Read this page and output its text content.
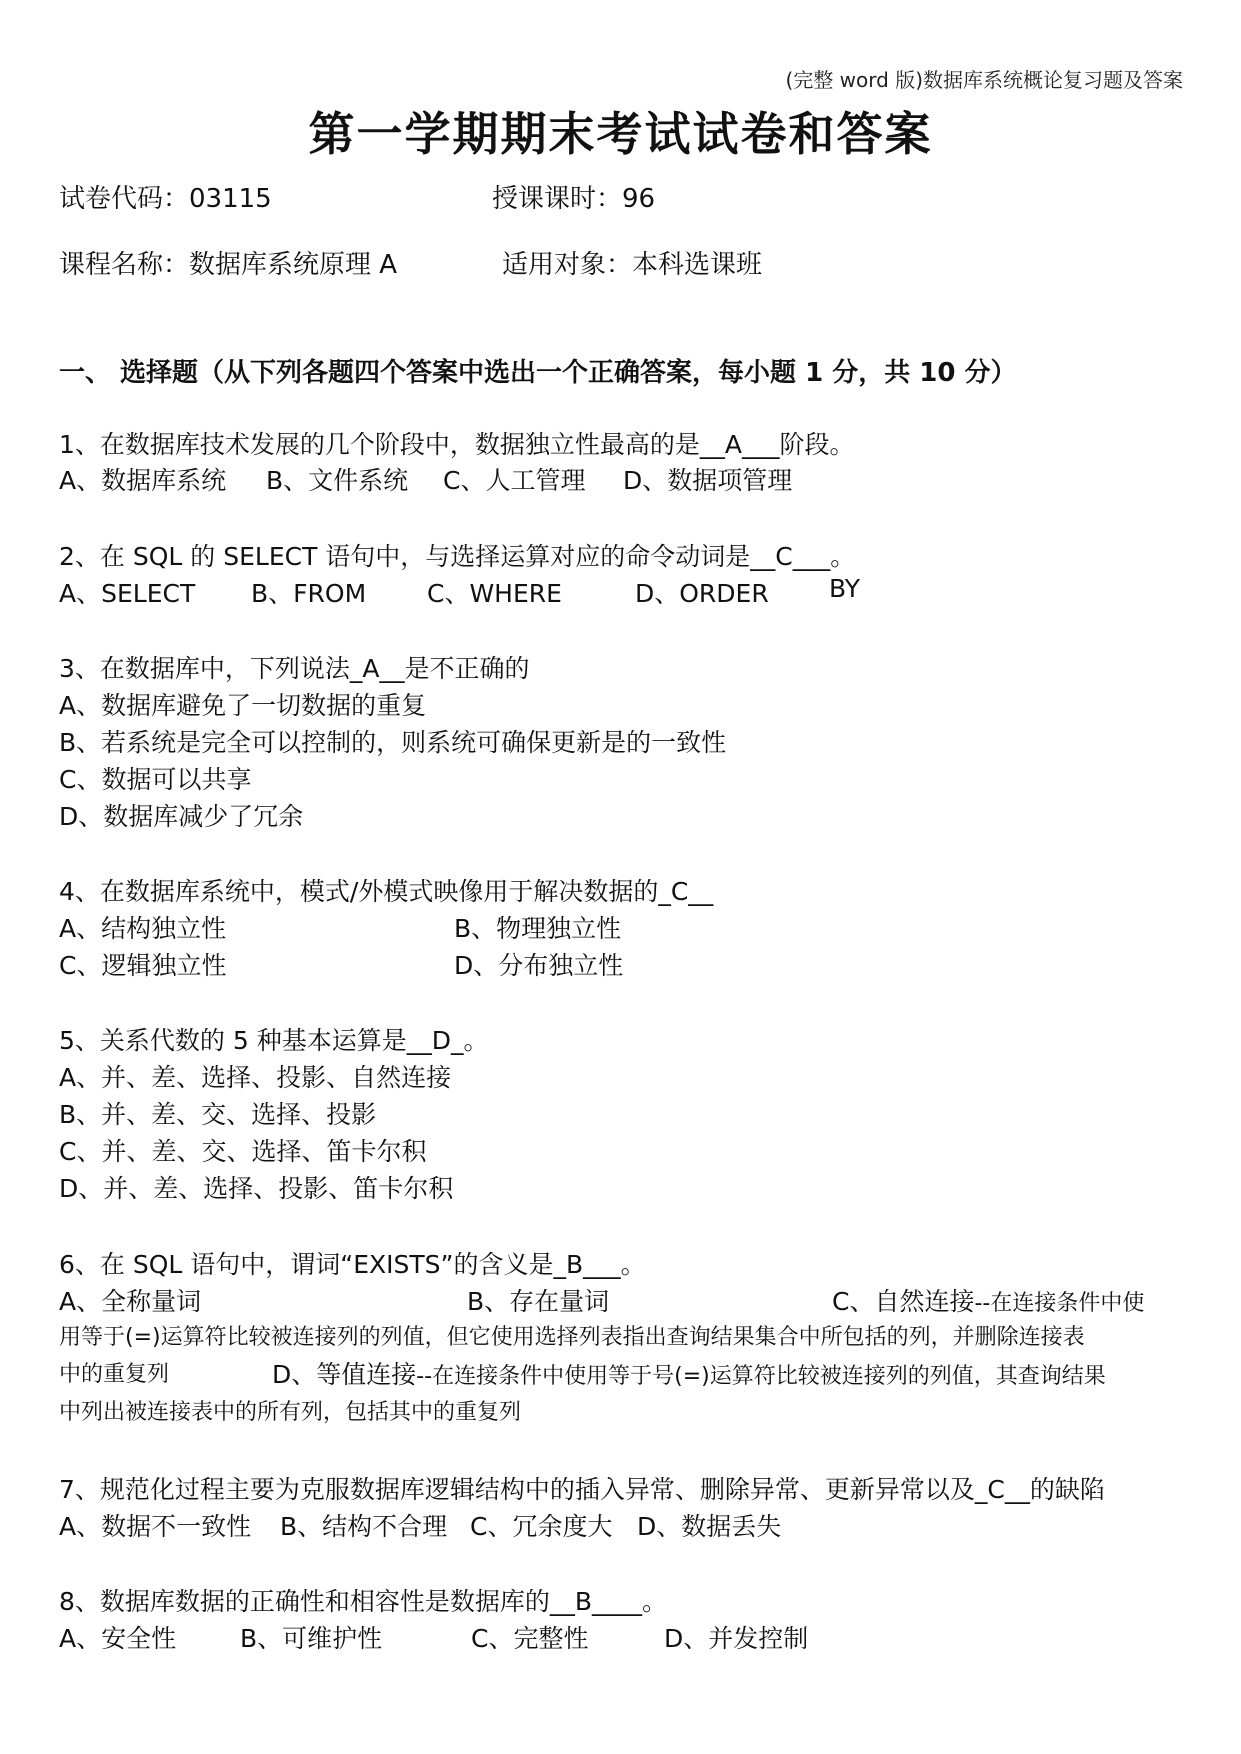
(完整 word 版)数据库系统概论复习题及答案
第一学期期末考试试卷和答案
试卷代码：03115	授课课时：96
课程名称：数据库系统原理 A	适用对象：本科选课班
一、 选择题（从下列各题四个答案中选出一个正确答案，每小题 1 分，共 10 分）
1、在数据库技术发展的几个阶段中，数据独立性最高的是__A___阶段。
A、数据库系统 B、文件系统 C、人工管理 D、数据项管理
2、在 SQL 的 SELECT 语句中，与选择运算对应的命令动词是__C___。
A、SELECT B、FROM C、WHERE	D、ORDER BY
3、在数据库中，下列说法_A__是不正确的
A、数据库避免了一切数据的重复
B、若系统是完全可以控制的，则系统可确保更新是的一致性
C、数据可以共享
D、数据库减少了冗余
4、在数据库系统中，模式/外模式映像用于解决数据的_C__
A、结构独立性	B、物理独立性
C、逻辑独立性	D、分布独立性
5、关系代数的 5 种基本运算是__D_。
A、并、差、选择、投影、自然连接
B、并、差、交、选择、投影
C、并、差、交、选择、笛卡尔积
D、并、差、选择、投影、笛卡尔积
6、在 SQL 语句中，谓词“EXISTS”的含义是_B___。
A、全称量词	B、存在量词	C、自然连接--在连接条件中使
用等于(=)运算符比较被连接列的列值，但它使用选择列表指出查询结果集合中所包括的列，并删除连接表
中的重复列	D、等值连接--在连接条件中使用等于号(=)运算符比较被连接列的列值，其查询结果
中列出被连接表中的所有列，包括其中的重复列
7、规范化过程主要为克服数据库逻辑结构中的插入异常、删除异常、更新异常以及_C__的缺陷
A、数据不一致性 B、结构不合理 C、冗余度大 D、数据丢失
8、数据库数据的正确性和相容性是数据库的__B____。
A、安全性	B、可维护性	C、完整性	D、并发控制
